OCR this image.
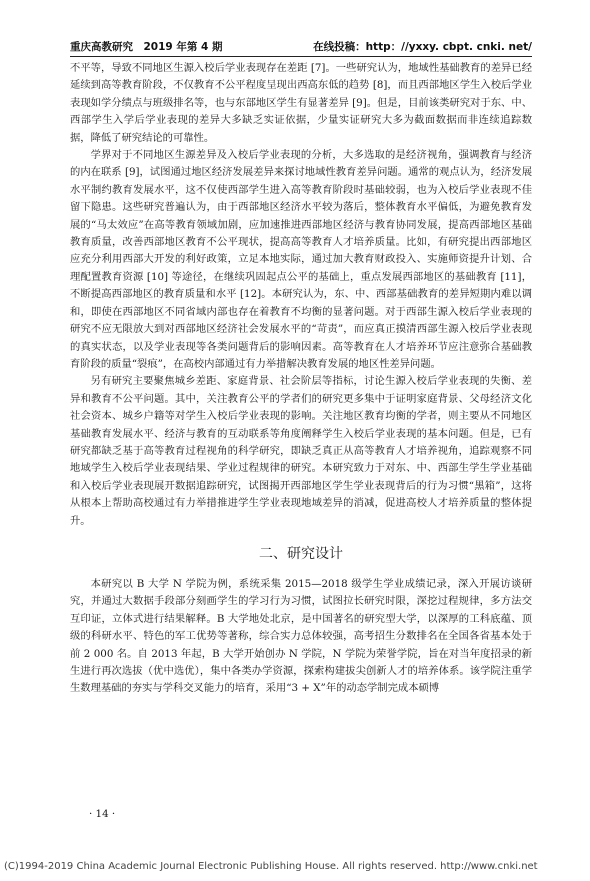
重庆高教研究　2019 年第 4 期	在线投稿：http：//yxxy. cbpt. cnki. net/

不平等，导致不同地区生源入校后学业表现存在差距 [7]。一些研究认为，地域性基础教育的差异已经延续到高等教育阶段，不仅教育不公平程度呈现出西高东低的趋势 [8]，而且西部地区学生入校后学业表现如学分绩点与班级排名等，也与东部地区学生有显著差异 [9]。但是，目前该类研究对于东、中、西部学生入学后学业表现的差异大多缺乏实证依据，少量实证研究大多为截面数据而非连续追踪数据，降低了研究结论的可靠性。

学界对于不同地区生源差异及入校后学业表现的分析，大多选取的是经济视角，强调教育与经济的内在联系 [9]，试图通过地区经济发展差异来探讨地域性教育差异问题。通常的观点认为，经济发展水平制约教育发展水平，这不仅使西部学生进入高等教育阶段时基础较弱，也为入校后学业表现不佳留下隐患。这些研究普遍认为，由于西部地区经济水平较为落后，整体教育水平偏低，为避免教育发展的“马太效应”在高等教育领域加剧，应加速推进西部地区经济与教育协同发展，提高西部地区基础教育质量，改善西部地区教育不公平现状，提高高等教育人才培养质量。比如，有研究提出西部地区应充分利用西部大开发的利好政策，立足本地实际，通过加大教育财政投入、实施师资提升计划、合理配置教育资源 [10] 等途径，在继续巩固起点公平的基础上，重点发展西部地区的基础教育 [11]，不断提高西部地区的教育质量和水平 [12]。本研究认为，东、中、西部基础教育的差异短期内难以调和，即使在西部地区不同省域内部也存在着教育不均衡的显著问题。对于西部生源入校后学业表现的研究不应无限放大到对西部地区经济社会发展水平的“苛责”，而应真正摸清西部生源入校后学业表现的真实状态，以及学业表现等各类问题背后的影响因素。高等教育在人才培养环节应注意弥合基础教育阶段的质量“裂痕”，在高校内部通过有力举措解决教育发展的地区性差异问题。

另有研究主要聚焦城乡差距、家庭背景、社会阶层等指标，讨论生源入校后学业表现的失衡、差异和教育不公平问题。其中，关注教育公平的学者们的研究更多集中于证明家庭背景、父母经济文化社会资本、城乡户籍等对学生入校后学业表现的影响。关注地区教育均衡的学者，则主要从不同地区基础教育发展水平、经济与教育的互动联系等角度阐释学生入校后学业表现的基本问题。但是，已有研究都缺乏基于高等教育过程视角的科学研究，即缺乏真正从高等教育人才培养视角，追踪观察不同地域学生入校后学业表现结果、学业过程规律的研究。本研究致力于对东、中、西部生学生学业基础和入校后学业表现展开数据追踪研究，试图揭开西部地区学生学业表现背后的行为习惯“黑箱”，这将从根本上帮助高校通过有力举措推进学生学业表现地域差异的消减，促进高校人才培养质量的整体提升。

二、研究设计

本研究以 B 大学 N 学院为例，系统采集 2015—2018 级学生学业成绩记录，深入开展访谈研究，并通过大数据手段部分刻画学生的学习行为习惯，试图拉长研究时限，深挖过程规律，多方法交互印证，立体式进行结果解释。B 大学地处北京，是中国著名的研究型大学，以深厚的工科底蕴、顶级的科研水平、特色的军工优势等著称，综合实力总体较强，高考招生分数排名在全国各省基本处于前 2 000 名。自 2013 年起，B 大学开始创办 N 学院，N 学院为荣誉学院，旨在对当年度招录的新生进行再次选拔（优中选优），集中各类办学资源，探索构建拔尖创新人才的培养体系。该学院注重学生数理基础的夯实与学科交叉能力的培育，采用“3 + X”年的动态学制完成本硕博

· 14 ·
(C)1994-2019 China Academic Journal Electronic Publishing House. All rights reserved. http://www.cnki.net
